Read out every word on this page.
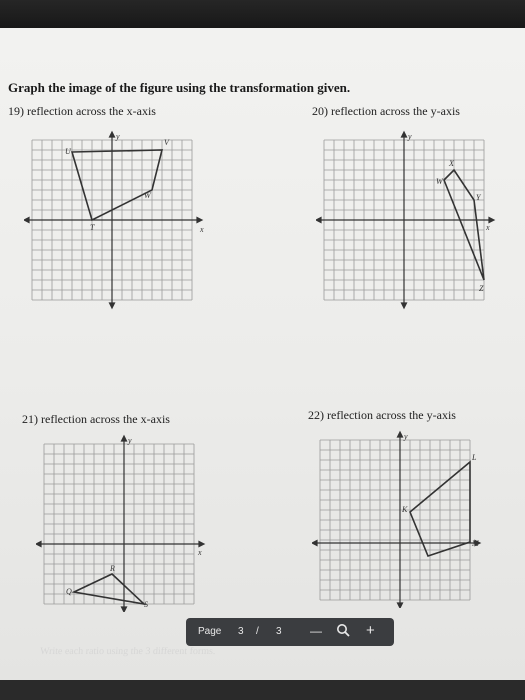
Graph the image of the figure using the transformation given.
19) reflection across the x-axis	20) reflection across the y-axis
21) reflection across the x-axis	22) reflection across the y-axis
y
x
U
V
W
T
y
x
X
Y
W
Z
y
x
R
Q
S
y
L
K
M
Page 3 / 3 —	+
Write each ratio using the 3 different forms.
